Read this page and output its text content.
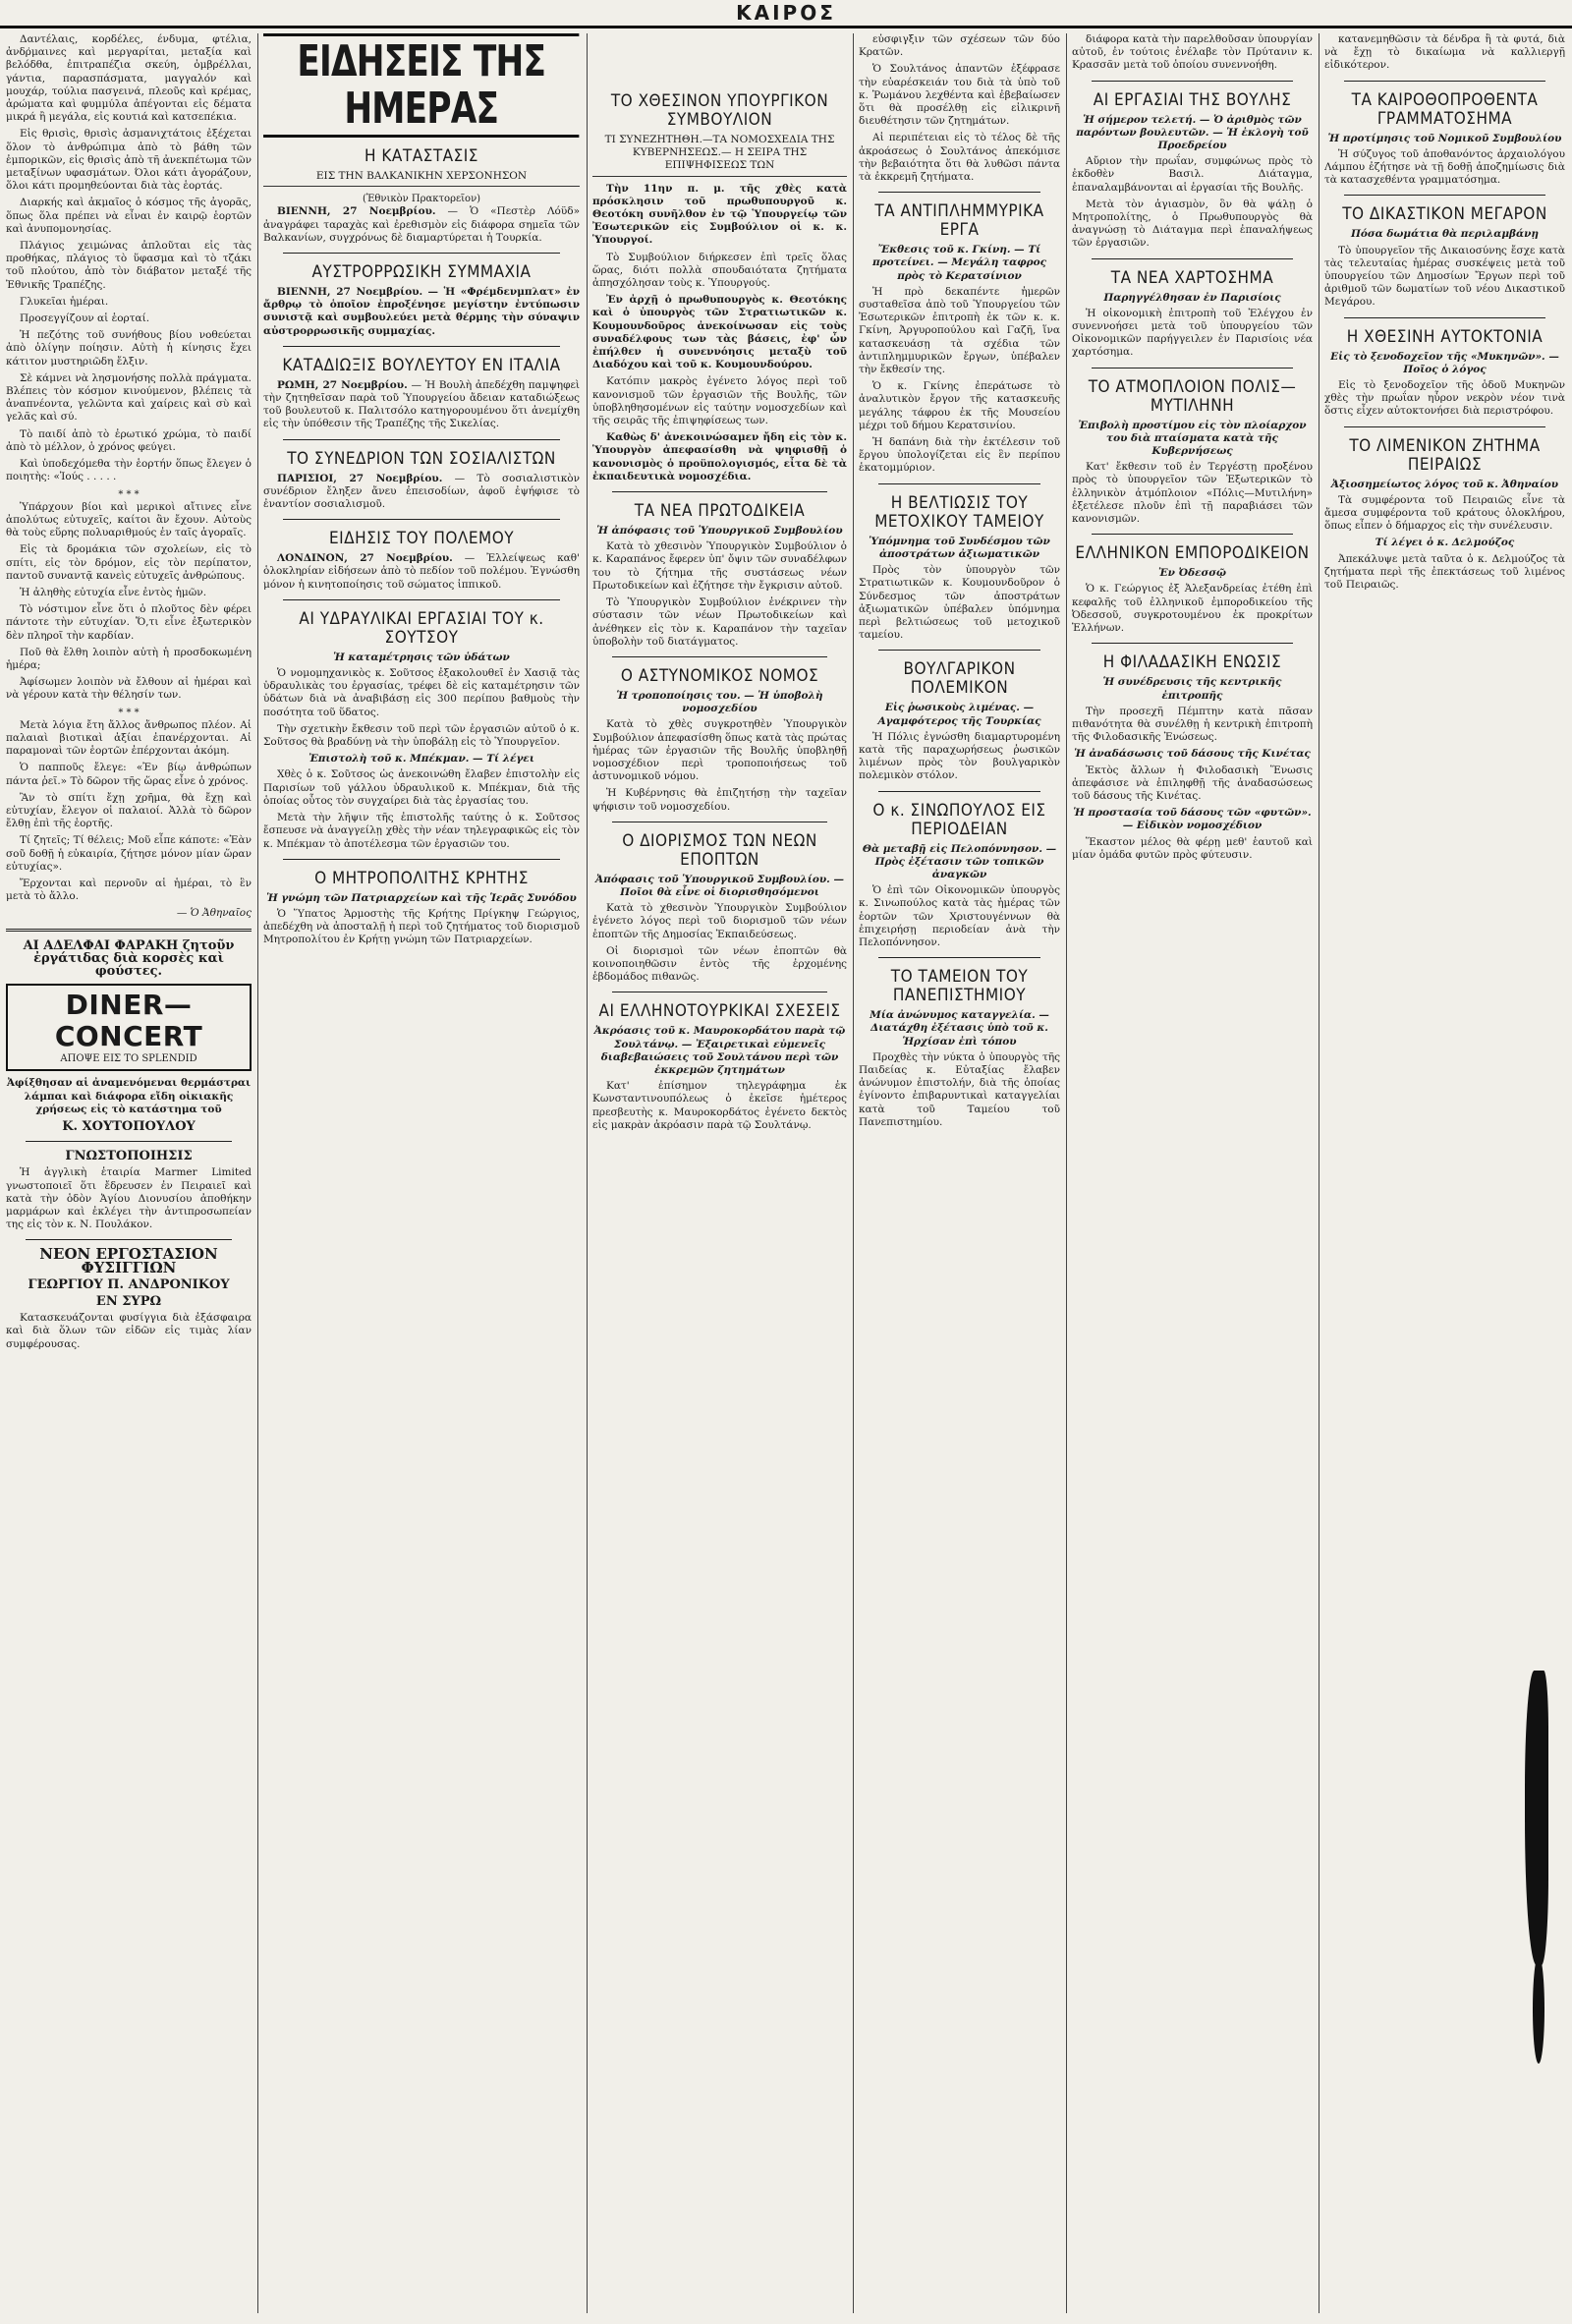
ΚΑΙΡΟΣ

Δαντέλαις, κορδέλες, ένδυμα, φτέλια, ἀνδρ̇μαινες καὶ μεργαρίται, μεταξία καὶ βελόδθα, ἐπιτραπέζια σκεύη, ὀμβρέλλαι, γάντια, παρασπάσματα, μαγγαλόν καὶ μουχάρ, τούλια πασγεινά, πλεοῦς καὶ κρέμας, ἀρώματα καὶ φυμμύλα ἀπέγονται εἰς δέματα μικρά ἢ μεγάλα, εἰς κουτιά καὶ κατσεπέκια.

Εἰς θρισὶς, θρισὶς ἀσμανιχτάτοις ἐξέχεται ὅλον τὸ ἀνθρώπιμα ἀπὸ τὸ βάθη τῶν ἐμπορικῶν, εἰς θρισὶς ἀπὸ τῆ ἀνεκπέτωμα τῶν μεταξίνων υφασμάτων. Όλοι κάτι ἀγοράζουν, ὅλοι κάτι προμηθεύονται διὰ τὰς ἑορτάς.

Διαρκής καὶ ἀκμαῖος ὁ κόσμος τῆς ἀγορᾶς, ὅπως ὅλα πρέπει νὰ εἶναι ἐν καιρῷ ἑορτῶν καὶ ἀνυπομονησίας.

Πλάγιος χειμώνας ἀπλοῦται εἰς τὰς προθήκας, πλάγιος τὸ ὕφασμα καὶ τὸ τζάκι τοῦ πλούτου, ἀπὸ τὸν διάβατον μεταξέ τῆς Ἐθνικῆς Τραπέζης.

Γλυκεῖαι ἡμέραι.

Προσεγγίζουν αἱ ἑορταί.

Ἡ πεζότης τοῦ συνήθους βίου νοθεύεται ἀπὸ ὀλίγην ποίησιν. Αὐτὴ ἡ κίνησις ἔχει κάτιτον μυστηριῶδη ἔλξιν.

Σὲ κάμνει νὰ λησμονήσης πολλὰ πράγματα. Βλέπεις τὸν κόσμον κινούμενον, βλέπεις τὰ ἀναπνέοντα, γελῶντα καὶ χαίρεις καὶ σὺ καὶ γελᾶς καὶ σύ.

Τὸ παιδί ἀπὸ τὸ ἐρωτικό χρώμα, τὸ παιδί ἀπὸ τὸ μέλλον, ὁ χρόνος φεύγει.

Καὶ ὑποδεχόμεθα τὴν ἑορτήν ὅπως ἔλεγεν ὁ ποιητὴς: «Ἰούς . . . . .

* * *

Ὑπάρχουν βίοι καὶ μερικοὶ αἴτινες εἶνε ἀπολύτως εὐτυχεῖς, καίτοι ἂν ἔχουν. Αὐτοὺς θὰ τοὺς εὕρης πολυαριθμούς ἐν ταῖς ἀγοραῖς.

Εἰς τὰ δρομάκια τῶν σχολείων, εἰς τὸ σπίτι, εἰς τὸν δρόμον, εἰς τὸν περίπατον, παντοῦ συναντᾷ κανεὶς εὐτυχεῖς ἀνθρώπους.

Ἡ ἀληθὴς εὐτυχία εἶνε ἐντὸς ἡμῶν.

Τὸ νόστιμον εἶνε ὅτι ὁ πλοῦτος δὲν φέρει πάντοτε τὴν εὐτυχίαν. Ὅ,τι εἶνε ἐξωτερικὸν δὲν πληροῖ τὴν καρδίαν.

Ποῦ θὰ ἔλθη λοιπὸν αὐτὴ ἡ προσδοκωμένη ἡμέρα;

Ἀφίσωμεν λοιπὸν νὰ ἔλθουν αἱ ἡμέραι καὶ νὰ γέρουν κατὰ τὴν θέλησίν των.

* * *

Μετὰ λόγια ἔτη ἄλλος ἄνθρωπος πλέον. Αἱ παλαιαὶ βιοτικαὶ ἀξίαι ἐπανέρχονται. Αἱ παραμοναὶ τῶν ἑορτῶν ἐπέρχονται ἀκόμη.

Ὁ παπποῦς ἔλεγε: «Ἐν βίῳ ἀνθρώπων πάντα ῥεῖ.» Τὸ δῶρον τῆς ὥρας εἶνε ὁ χρόνος.

Ἂν τὸ σπίτι ἔχῃ χρῆμα, θὰ ἔχῃ καὶ εὐτυχίαν, ἔλεγον οἱ παλαιοί. Ἀλλὰ τὸ δῶρον ἔλθῃ ἐπὶ τῆς ἑορτῆς.

Τί ζητεῖς; Τί θέλεις; Μοῦ εἶπε κάποτε: «Ἐὰν σοῦ δοθῇ ἡ εὐκαιρία, ζήτησε μόνον μίαν ὥραν εὐτυχίας».

Ἔρχονται καὶ περνοῦν αἱ ἡμέραι, τὸ ἓν μετὰ τὸ ἄλλο.

— Ὁ Ἀθηναῖος
ΑΙ ΑΔΕΛΦΑΙ ΦΑΡΑΚΗ ζητοῦν ἐργάτιδας διὰ κορσὲς καὶ φούστες.
DINER—CONCERT
ΑΠΟΨΕ ΕΙΣ ΤΟ SPLENDID

Ἀφίξθησαν αἱ ἀναμενόμεναι θερμάστραι λάμπαι καὶ διάφορα εἴδη οἰκιακῆς χρήσεως εἰς τὸ κατάστημα τοῦ

Κ. ΧΟΥΤΟΠΟΥΛΟΥ
ΓΝΩΣΤΟΠΟΙΗΣΙΣ

Ἡ ἀγγλικὴ ἑταιρία Marmer Limited γνωστοποιεῖ ὅτι ἔδρευσεν ἐν Πειραιεῖ καὶ κατὰ τὴν ὁδὸν Ἀγίου Διονυσίου ἀποθήκην μαρμάρων καὶ ἐκλέγει τὴν ἀντιπροσωπείαν της εἰς τὸν κ. Ν. Πουλάκον.

ΝΕΟΝ ΕΡΓΟΣΤΑΣΙΟΝ ΦΥΣΙΓΓΙΩΝ
ΓΕΩΡΓΙΟΥ Π. ΑΝΔΡΟΝΙΚΟΥ
ΕΝ ΣΥΡΩ

Κατασκευάζονται φυσίγγια διὰ ἐξάσφαιρα καὶ διὰ ὅλων τῶν εἰδῶν εἰς τιμὰς λίαν συμφέρουσας.

ΕΙΔΗΣΕΙΣ ΤΗΣ ΗΜΕΡΑΣ
Η ΚΑΤΑΣΤΑΣΙΣ
ΕΙΣ ΤΗΝ ΒΑΛΚΑΝΙΚΗΝ ΧΕΡΣΟΝΗΣΟΝ
(Ἐθνικὸν Πρακτορεῖον)

ΒΙΕΝΝΗ, 27 Νοεμβρίου. — Ὁ «Πεστὲρ Λόϋδ» ἀναγράφει ταραχὰς καὶ ἐρεθισμὸν εἰς διάφορα σημεῖα τῶν Βαλκανίων, συγχρόνως δὲ διαμαρτύρεται ἡ Τουρκία.

ΑΥΣΤΡΟΡΡΩΣΙΚΗ ΣΥΜΜΑΧΙΑ

ΒΙΕΝΝΗ, 27 Νοεμβρίου. — Ἡ «Φρέμδενμπλατ» ἐν ἄρθρῳ τὸ ὁποῖον ἐπροξένησε μεγίστην ἐντύπωσιν συνιστᾷ καὶ συμβουλεύει μετὰ θέρμης τὴν σύναψιν αὐστρορρωσικῆς συμμαχίας.

ΚΑΤΑΔΙΩΞΙΣ ΒΟΥΛΕΥΤΟΥ ΕΝ ΙΤΑΛΙΑ

ΡΩΜΗ, 27 Νοεμβρίου. — Ἡ Βουλὴ ἀπεδέχθη παμψηφεὶ τὴν ζητηθεῖσαν παρὰ τοῦ Ὑπουργείου ἄδειαν καταδιώξεως τοῦ βουλευτοῦ κ. Παλιτσόλο κατηγορουμένου ὅτι ἀνεμίχθη εἰς τὴν ὑπόθεσιν τῆς Τραπέζης τῆς Σικελίας.

ΤΟ ΣΥΝΕΔΡΙΟΝ ΤΩΝ ΣΟΣΙΑΛΙΣΤΩΝ

ΠΑΡΙΣΙΟΙ, 27 Νοεμβρίου. — Τὸ σοσιαλιστικὸν συνέδριον ἔληξεν ἄνευ ἐπεισοδίων, ἀφοῦ ἐψήφισε τὸ ἐναντίον σοσιαλισμοῦ.

ΕΙΔΗΣΙΣ ΤΟΥ ΠΟΛΕΜΟΥ

ΛΟΝΔΙΝΟΝ, 27 Νοεμβρίου. — Ἐλλείψεως καθ' ὁλοκληρίαν εἰδήσεων ἀπὸ τὸ πεδίον τοῦ πολέμου. Ἐγνώσθη μόνον ἡ κινητοποίησις τοῦ σώματος ἱππικοῦ.

ΑΙ ΥΔΡΑΥΛΙΚΑΙ ΕΡΓΑΣΙΑΙ ΤΟΥ κ. ΣΟΥΤΣΟΥ
Ἡ καταμέτρησις τῶν ὑδάτων

Ὁ νομομηχανικὸς κ. Σοῦτσος ἐξακολουθεῖ ἐν Χασιᾷ τὰς ὑδραυλικὰς του ἐργασίας, τρέφει δὲ εἰς καταμέτρησιν τῶν ὑδάτων διὰ νὰ ἀναβιβάσῃ εἰς 300 περίπου βαθμοὺς τὴν ποσότητα τοῦ ὕδατος.

Τὴν σχετικὴν ἔκθεσιν τοῦ περὶ τῶν ἐργασιῶν αὐτοῦ ὁ κ. Σοῦτσος θὰ βραδύνῃ νὰ τὴν ὑποβάλῃ εἰς τὸ Ὑπουργεῖον.

Ἐπιστολὴ τοῦ κ. Μπέκμαν. — Τί λέγει

Χθὲς ὁ κ. Σοῦτσος ὡς ἀνεκοινώθη ἔλαβεν ἐπιστολὴν εἰς Παρισίων τοῦ γάλλου ὑδραυλικοῦ κ. Μπέκμαν, διὰ τῆς ὁποίας οὗτος τὸν συγχαίρει διὰ τὰς ἐργασίας του.

Μετὰ τὴν λῆψιν τῆς ἐπιστολῆς ταύτης ὁ κ. Σοῦτσος ἔσπευσε νὰ ἀναγγείλῃ χθὲς τὴν νέαν τηλεγραφικῶς εἰς τὸν κ. Μπέκμαν τὸ ἀποτέλεσμα τῶν ἐργασιῶν του.

Ο ΜΗΤΡΟΠΟΛΙΤΗΣ ΚΡΗΤΗΣ
Ἡ γνώμη τῶν Πατριαρχείων καὶ τῆς Ἱερᾶς Συνόδου

Ὁ Ὕπατος Ἁρμοστὴς τῆς Κρήτης Πρίγκηψ Γεώργιος, ἀπεδέχθη νὰ ἀποσταλῇ ἡ περὶ τοῦ ζητήματος τοῦ διορισμοῦ Μητροπολίτου ἐν Κρήτῃ γνώμη τῶν Πατριαρχείων.

ΤΟ ΧΘΕΣΙΝΟΝ ΥΠΟΥΡΓΙΚΟΝ ΣΥΜΒΟΥΛΙΟΝ
ΤΙ ΣΥΝΕΖΗΤΗΘΗ.—ΤΑ ΝΟΜΟΣΧΕΔΙΑ ΤΗΣ ΚΥΒΕΡΝΗΣΕΩΣ.— Η ΣΕΙΡΑ ΤΗΣ ΕΠΙΨΗΦΙΣΕΩΣ ΤΩΝ

Τὴν 11ην π. μ. τῆς χθὲς κατὰ πρόσκλησιν τοῦ πρωθυπουργοῦ κ. Θεοτόκη συνῆλθον ἐν τῷ Ὑπουργείῳ τῶν Ἐσωτερικῶν εἰς Συμβούλιον οἱ κ. κ. Ὑπουργοί.

Τὸ Συμβούλιον διήρκεσεν ἐπὶ τρεῖς ὅλας ὥρας, διότι πολλὰ σπουδαιότατα ζητήματα ἀπησχόλησαν τοὺς κ. Ὑπουργούς.

Ἐν ἀρχῇ ὁ πρωθυπουργὸς κ. Θεοτόκης καὶ ὁ ὑπουργὸς τῶν Στρατιωτικῶν κ. Κουμουνδοῦρος ἀνεκοίνωσαν εἰς τοὺς συναδέλφους των τὰς βάσεις, ἐφ' ὧν ἐπήλθεν ἡ συνεννόησις μεταξὺ τοῦ Διαδόχου καὶ τοῦ κ. Κουμουνδούρου.

Κατόπιν μακρὸς ἐγένετο λόγος περὶ τοῦ κανονισμοῦ τῶν ἐργασιῶν τῆς Βουλῆς, τῶν ὑποβληθησομένων εἰς ταύτην νομοσχεδίων καὶ τῆς σειρᾶς τῆς ἐπιψηφίσεως των.

Καθὼς δ' ἀνεκοινώσαμεν ἤδη εἰς τὸν κ. Ὑπουργὸν ἀπεφασίσθη νὰ ψηφισθῇ ὁ κανονισμὸς ὁ προϋπολογισμός, εἶτα δὲ τὰ ἐκπαιδευτικὰ νομοσχέδια.

ΤΑ ΝΕΑ ΠΡΩΤΟΔΙΚΕΙΑ
Ἡ ἀπόφασις τοῦ Ὑπουργικοῦ Συμβουλίου

Κατὰ τὸ χθεσινὸν Ὑπουργικὸν Συμβούλιον ὁ κ. Καραπάνος ἔφερεν ὑπ' ὄψιν τῶν συναδέλφων του τὸ ζήτημα τῆς συστάσεως νέων Πρωτοδικείων καὶ ἐζήτησε τὴν ἔγκρισιν αὐτοῦ.

Τὸ Ὑπουργικὸν Συμβούλιον ἐνέκρινεν τὴν σύστασιν τῶν νέων Πρωτοδικείων καὶ ἀνέθηκεν εἰς τὸν κ. Καραπάνον τὴν ταχεῖαν ὑποβολὴν τοῦ διατάγματος.

Ο ΑΣΤΥΝΟΜΙΚΟΣ ΝΟΜΟΣ
Ἡ τροποποίησις του. — Ἡ ὑποβολὴ νομοσχεδίου

Κατὰ τὸ χθὲς συγκροτηθὲν Ὑπουργικὸν Συμβούλιον ἀπεφασίσθη ὅπως κατὰ τὰς πρώτας ἡμέρας τῶν ἐργασιῶν τῆς Βουλῆς ὑποβληθῇ νομοσχέδιον περὶ τροποποιήσεως τοῦ ἀστυνομικοῦ νόμου.

Ἡ Κυβέρνησις θὰ ἐπιζητήσῃ τὴν ταχεῖαν ψήφισιν τοῦ νομοσχεδίου.

Ο ΔΙΟΡΙΣΜΟΣ ΤΩΝ ΝΕΩΝ ΕΠΟΠΤΩΝ
Ἀπόφασις τοῦ Ὑπουργικοῦ Συμβουλίου. — Ποῖοι θὰ εἶνε οἱ διορισθησόμενοι

Κατὰ τὸ χθεσινὸν Ὑπουργικὸν Συμβούλιον ἐγένετο λόγος περὶ τοῦ διορισμοῦ τῶν νέων ἐποπτῶν τῆς Δημοσίας Ἐκπαιδεύσεως.

Οἱ διορισμοὶ τῶν νέων ἐποπτῶν θὰ κοινοποιηθῶσιν ἐντὸς τῆς ἐρχομένης ἑβδομάδος πιθανῶς.

ΑΙ ΕΛΛΗΝΟΤΟΥΡΚΙΚΑΙ ΣΧΕΣΕΙΣ
Ἀκρόασις τοῦ κ. Μαυροκορδάτου παρὰ τῷ Σουλτάνῳ. — Ἐξαιρετικαὶ εὐμενεῖς διαβεβαιώσεις τοῦ Σουλτάνου περὶ τῶν ἐκκρεμῶν ζητημάτων

Κατ' ἐπίσημον τηλεγράφημα ἐκ Κωνσταντινουπόλεως ὁ ἐκεῖσε ἡμέτερος πρεσβευτὴς κ. Μαυροκορδάτος ἐγένετο δεκτὸς εἰς μακρὰν ἀκρόασιν παρὰ τῷ Σουλτάνῳ.

εὐσφιγξιν τῶν σχέσεων τῶν δύο Κρατῶν.

Ὁ Σουλτάνος ἀπαντῶν ἐξέφρασε τὴν εὐαρέσκειάν του διὰ τὰ ὑπὸ τοῦ κ. Ῥωμάνου λεχθέντα καὶ ἐβεβαίωσεν ὅτι θὰ προσέλθῃ εἰς εἰλικρινῆ διευθέτησιν τῶν ζητημάτων.

Αἱ περιπέτειαι εἰς τὸ τέλος δὲ τῆς ἀκροάσεως ὁ Σουλτάνος ἀπεκόμισε τὴν βεβαιότητα ὅτι θὰ λυθῶσι πάντα τὰ ἐκκρεμῆ ζητήματα.

ΤΑ ΑΝΤΙΠΛΗΜΜΥΡΙΚΑ ΕΡΓΑ
Ἔκθεσις τοῦ κ. Γκίνη. — Τί προτείνει. — Μεγάλη ταφρος πρὸς τὸ Κερατσίνιον

Ἡ πρὸ δεκαπέντε ἡμερῶν συσταθεῖσα ἀπὸ τοῦ Ὑπουργείου τῶν Ἐσωτερικῶν ἐπιτροπὴ ἐκ τῶν κ. κ. Γκίνη, Ἀργυροπούλου καὶ Γαζῆ, ἵνα κατασκευάσῃ τὰ σχέδια τῶν ἀντιπλημμυρικῶν ἔργων, ὑπέβαλεν τὴν ἔκθεσίν της.

Ὁ κ. Γκίνης ἐπεράτωσε τὸ ἀναλυτικὸν ἔργον τῆς κατασκευῆς μεγάλης τάφρου ἐκ τῆς Μουσείου μέχρι τοῦ δήμου Κερατσινίου.

Ἡ δαπάνη διὰ τὴν ἐκτέλεσιν τοῦ ἔργου ὑπολογίζεται εἰς ἓν περίπου ἑκατομμύριον.

Η ΒΕΛΤΙΩΣΙΣ ΤΟΥ ΜΕΤΟΧΙΚΟΥ ΤΑΜΕΙΟΥ
Ὑπόμνημα τοῦ Συνδέσμου τῶν ἀποστράτων ἀξιωματικῶν

Πρὸς τὸν ὑπουργὸν τῶν Στρατιωτικῶν κ. Κουμουνδοῦρον ὁ Σύνδεσμος τῶν ἀποστράτων ἀξιωματικῶν ὑπέβαλεν ὑπόμνημα περὶ βελτιώσεως τοῦ μετοχικοῦ ταμείου.

ΒΟΥΛΓΑΡΙΚΟΝ ΠΟΛΕΜΙΚΟΝ
Εἰς ῥωσικοὺς λιμένας. — Αγαμφότερος τῆς Τουρκίας

Ἡ Πόλις ἐγνώσθη διαμαρτυρομένη κατὰ τῆς παραχωρήσεως ῥωσικῶν λιμένων πρὸς τὸν βουλγαρικὸν πολεμικὸν στόλον.

Ο κ. ΣΙΝΩΠΟΥΛΟΣ ΕΙΣ ΠΕΡΙΟΔΕΙΑΝ
Θὰ μεταβῇ εἰς Πελοπόννησον. — Πρὸς ἐξέτασιν τῶν τοπικῶν ἀναγκῶν

Ὁ ἐπὶ τῶν Οἰκονομικῶν ὑπουργὸς κ. Σινωπούλος κατὰ τὰς ἡμέρας τῶν ἑορτῶν τῶν Χριστουγέννων θὰ ἐπιχειρήσῃ περιοδείαν ἀνὰ τὴν Πελοπόννησον.

ΤΟ ΤΑΜΕΙΟΝ ΤΟΥ ΠΑΝΕΠΙΣΤΗΜΙΟΥ
Μία ἀνώνυμος καταγγελία. — Διατάχθη ἐξέτασις ὑπὸ τοῦ κ. Ἡρχίσαν ἐπὶ τόπου

Προχθὲς τὴν νύκτα ὁ ὑπουργὸς τῆς Παιδείας κ. Εὐταξίας ἔλαβεν ἀνώνυμον ἐπιστολήν, διὰ τῆς ὁποίας ἐγίνοντο ἐπιβαρυντικαὶ καταγγελίαι κατὰ τοῦ Ταμείου τοῦ Πανεπιστημίου.

διάφορα κατὰ τὴν παρελθοῦσαν ὑπουργίαν αὐτοῦ, ἐν τούτοις ἐνέλαβε τὸν Πρύτανιν κ. Κρασσᾶν μετὰ τοῦ ὁποίου συνεννοήθη.

ΑΙ ΕΡΓΑΣΙΑΙ ΤΗΣ ΒΟΥΛΗΣ
Ἡ σήμερον τελετή. — Ὁ ἀριθμὸς τῶν παρόντων βουλευτῶν. — Ἡ ἐκλογὴ τοῦ Προεδρείου

Αὔριον τὴν πρωΐαν, συμφώνως πρὸς τὸ ἐκδοθὲν Βασιλ. Διάταγμα, ἐπαναλαμβάνονται αἱ ἐργασίαι τῆς Βουλῆς.

Μετὰ τὸν ἁγιασμὸν, ὃν θὰ ψάλῃ ὁ Μητροπολίτης, ὁ Πρωθυπουργὸς θὰ ἀναγνώσῃ τὸ Διάταγμα περὶ ἐπαναλήψεως τῶν ἐργασιῶν.

ΤΑ ΝΕΑ ΧΑΡΤΟΣΗΜΑ
Παρηγγέλθησαν ἐν Παρισίοις

Ἡ οἰκονομικὴ ἐπιτροπὴ τοῦ Ἐλέγχου ἐν συνεννοήσει μετὰ τοῦ ὑπουργείου τῶν Οἰκονομικῶν παρήγγειλεν ἐν Παρισίοις νέα χαρτόσημα.

ΤΟ ΑΤΜΟΠΛΟΙΟΝ ΠΟΛΙΣ—ΜΥΤΙΛΗΝΗ
Ἐπιβολὴ προστίμου εἰς τὸν πλοίαρχον του διὰ πταίσματα κατὰ τῆς Κυβερνήσεως

Κατ' ἔκθεσιν τοῦ ἐν Τεργέστῃ προξένου πρὸς τὸ ὑπουργεῖον τῶν Ἐξωτερικῶν τὸ ἐλληνικὸν ἀτμόπλοιον «Πόλις—Μυτιλήνη» ἐξετέλεσε πλοῦν ἐπὶ τῇ παραβιάσει τῶν κανονισμῶν.

ΕΛΛΗΝΙΚΟΝ ΕΜΠΟΡΟΔΙΚΕΙΟΝ
Ἐν Ὀδεσσῷ

Ὁ κ. Γεώργιος ἐξ Ἀλεξανδρείας ἐτέθη ἐπὶ κεφαλῆς τοῦ ἐλληνικοῦ ἐμποροδικείου τῆς Ὀδεσσοῦ, συγκροτουμένου ἐκ προκρίτων Ἑλλήνων.

Η ΦΙΛΑΔΑΣΙΚΗ ΕΝΩΣΙΣ
Ἡ συνέδρευσις τῆς κεντρικῆς ἐπιτροπῆς

Τὴν προσεχῆ Πέμπτην κατὰ πᾶσαν πιθανότητα θὰ συνέλθῃ ἡ κεντρικὴ ἐπιτροπὴ τῆς Φιλοδασικῆς Ἑνώσεως.

Ἡ ἀναδάσωσις τοῦ δάσους τῆς Κινέτας

Ἐκτὸς ἄλλων ἡ Φιλοδασικὴ Ἕνωσις ἀπεφάσισε νὰ ἐπιληφθῇ τῆς ἀναδασώσεως τοῦ δάσους τῆς Κινέτας.

Ἡ προστασία τοῦ δάσους τῶν «φυτῶν». — Εἰδικὸν νομοσχέδιον

Ἕκαστον μέλος θὰ φέρῃ μεθ' ἑαυτοῦ καὶ μίαν ὁμάδα φυτῶν πρὸς φύτευσιν.

κατανεμηθῶσιν τὰ δένδρα ἢ τὰ φυτά, διὰ νὰ ἔχῃ τὸ δικαίωμα νὰ καλλιεργῇ εἰδικότερον.

ΤΑ ΚΑΙΡΟΘΟΠΡΟΘΕΝΤΑ ΓΡΑΜΜΑΤΟΣΗΜΑ
Ἡ προτίμησις τοῦ Νομικοῦ Συμβουλίου

Ἡ σύζυγος τοῦ ἀποθανόντος ἀρχαιολόγου Λάμπου ἐζήτησε νὰ τῇ δοθῇ ἀποζημίωσις διὰ τὰ κατασχεθέντα γραμματόσημα.

ΤΟ ΔΙΚΑΣΤΙΚΟΝ ΜΕΓΑΡΟΝ
Πόσα δωμάτια θὰ περιλαμβάνῃ

Τὸ ὑπουργεῖον τῆς Δικαιοσύνης ἔσχε κατὰ τὰς τελευταίας ἡμέρας συσκέψεις μετὰ τοῦ ὑπουργείου τῶν Δημοσίων Ἔργων περὶ τοῦ ἀριθμοῦ τῶν δωματίων τοῦ νέου Δικαστικοῦ Μεγάρου.

Η ΧΘΕΣΙΝΗ ΑΥΤΟΚΤΟΝΙΑ
Εἰς τὸ ξενοδοχεῖον τῆς «Μυκηνῶν». — Ποῖος ὁ λόγος

Εἰς τὸ ξενοδοχεῖον τῆς ὁδοῦ Μυκηνῶν χθὲς τὴν πρωΐαν ηὗρον νεκρὸν νέον τινὰ ὅστις εἶχεν αὐτοκτονήσει διὰ περιστρόφου.

ΤΟ ΛΙΜΕΝΙΚΟΝ ΖΗΤΗΜΑ ΠΕΙΡΑΙΩΣ
Ἀξιοσημείωτος λόγος τοῦ κ. Ἀθηναίου

Τὰ συμφέροντα τοῦ Πειραιῶς εἶνε τὰ ἄμεσα συμφέροντα τοῦ κράτους ὁλοκλήρου, ὅπως εἶπεν ὁ δήμαρχος εἰς τὴν συνέλευσιν.

Τί λέγει ὁ κ. Δελμούζος

Ἀπεκάλυψε μετὰ ταῦτα ὁ κ. Δελμούζος τὰ ζητήματα περὶ τῆς ἐπεκτάσεως τοῦ λιμένος τοῦ Πειραιῶς.
